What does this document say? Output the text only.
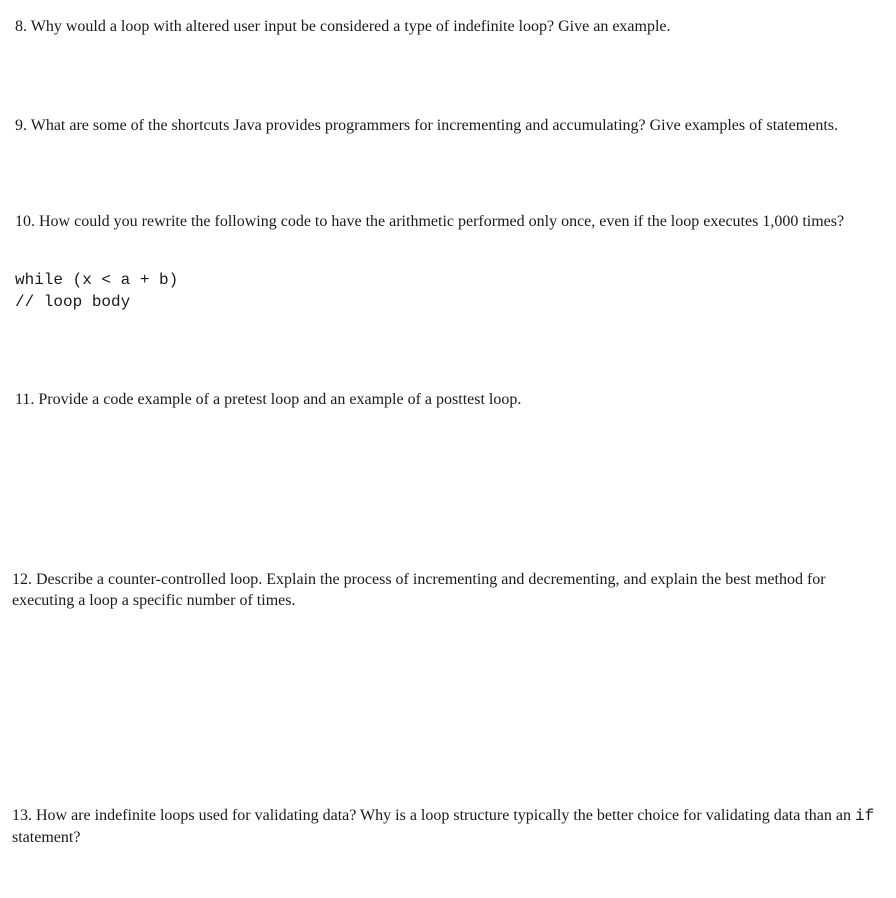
8. Why would a loop with altered user input be considered a type of indefinite loop? Give an example.

9. What are some of the shortcuts Java provides programmers for incrementing and accumulating? Give examples of statements.

10. How could you rewrite the following code to have the arithmetic performed only once, even if the loop executes 1,000 times?

while (x < a + b)
// loop body

11. Provide a code example of a pretest loop and an example of a posttest loop.

12. Describe a counter-controlled loop. Explain the process of incrementing and decrementing, and explain the best method for executing a loop a specific number of times.

13. How are indefinite loops used for validating data? Why is a loop structure typically the better choice for validating data than an if statement?
